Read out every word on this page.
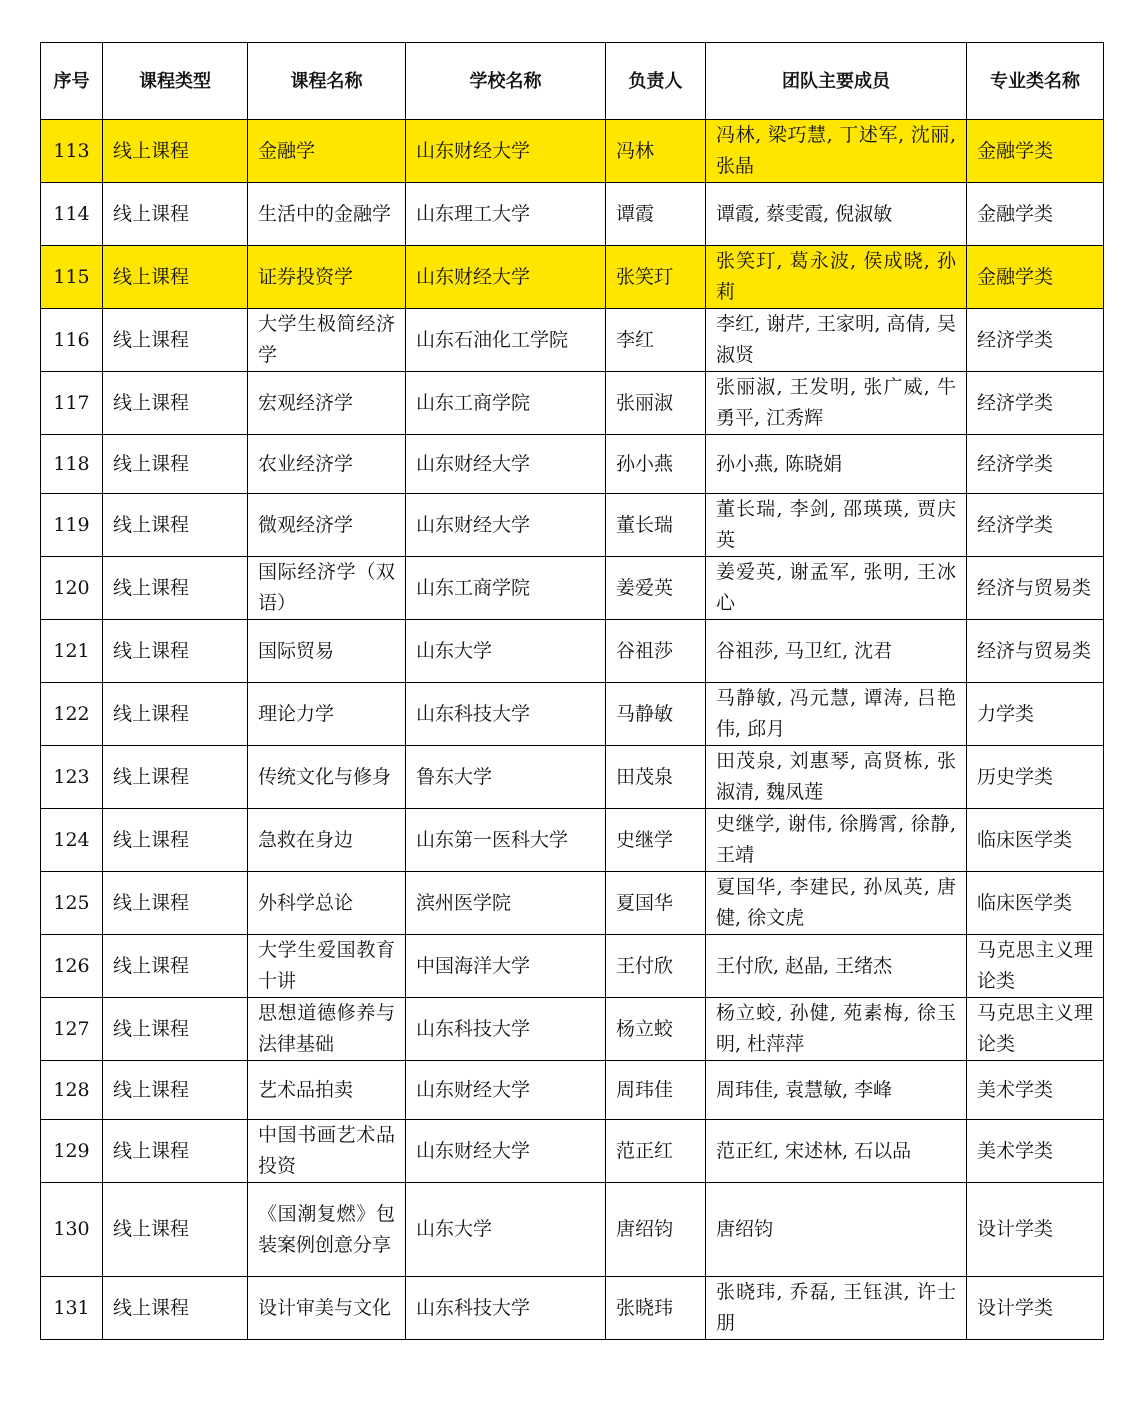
序号	课程类型	课程名称	学校名称	负责人	团队主要成员	专业类名称
113	线上课程	金融学	山东财经大学	冯林	冯林, 梁巧慧, 丁述军, 沈丽, 张晶	金融学类
114	线上课程	生活中的金融学	山东理工大学	谭霞	谭霞, 蔡雯霞, 倪淑敏	金融学类
115	线上课程	证券投资学	山东财经大学	张笑玎	张笑玎, 葛永波, 侯成晓, 孙莉	金融学类
116	线上课程	大学生极简经济学	山东石油化工学院	李红	李红, 谢芹, 王家明, 高倩, 吴淑贤	经济学类
117	线上课程	宏观经济学	山东工商学院	张丽淑	张丽淑, 王发明, 张广威, 牛勇平, 江秀辉	经济学类
118	线上课程	农业经济学	山东财经大学	孙小燕	孙小燕, 陈晓娟	经济学类
119	线上课程	微观经济学	山东财经大学	董长瑞	董长瑞, 李剑, 邵瑛瑛, 贾庆英	经济学类
120	线上课程	国际经济学（双语）	山东工商学院	姜爱英	姜爱英, 谢孟军, 张明, 王冰心	经济与贸易类
121	线上课程	国际贸易	山东大学	谷祖莎	谷祖莎, 马卫红, 沈君	经济与贸易类
122	线上课程	理论力学	山东科技大学	马静敏	马静敏, 冯元慧, 谭涛, 吕艳伟, 邱月	力学类
123	线上课程	传统文化与修身	鲁东大学	田茂泉	田茂泉, 刘惠琴, 高贤栋, 张淑清, 魏凤莲	历史学类
124	线上课程	急救在身边	山东第一医科大学	史继学	史继学, 谢伟, 徐腾霄, 徐静, 王靖	临床医学类
125	线上课程	外科学总论	滨州医学院	夏国华	夏国华, 李建民, 孙凤英, 唐健, 徐文虎	临床医学类
126	线上课程	大学生爱国教育十讲	中国海洋大学	王付欣	王付欣, 赵晶, 王绪杰	马克思主义理论类
127	线上课程	思想道德修养与法律基础	山东科技大学	杨立蛟	杨立蛟, 孙健, 苑素梅, 徐玉明, 杜萍萍	马克思主义理论类
128	线上课程	艺术品拍卖	山东财经大学	周玮佳	周玮佳, 袁慧敏, 李峰	美术学类
129	线上课程	中国书画艺术品投资	山东财经大学	范正红	范正红, 宋述林, 石以品	美术学类
130	线上课程	《国潮复燃》包装案例创意分享	山东大学	唐绍钧	唐绍钧	设计学类
131	线上课程	设计审美与文化	山东科技大学	张晓玮	张晓玮, 乔磊, 王钰淇, 许士朋	设计学类
